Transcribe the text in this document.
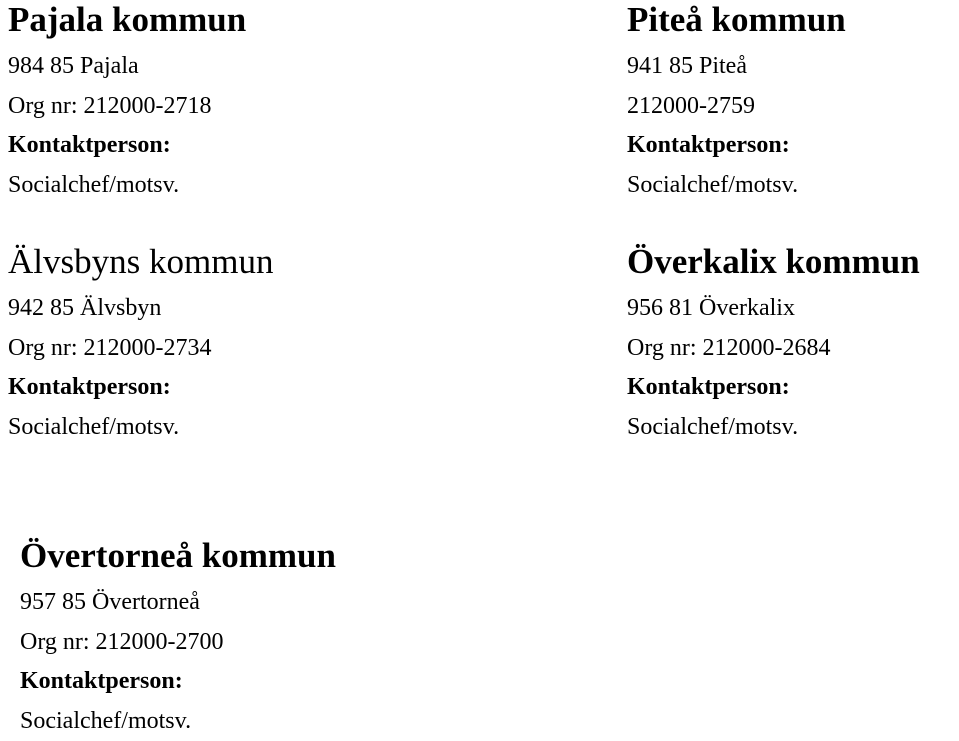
Pajala kommun
984 85 Pajala
Org nr: 212000-2718
Kontaktperson:
Socialchef/motsv.
Piteå kommun
941 85 Piteå
212000-2759
Kontaktperson:
Socialchef/motsv.
Älvsbyns kommun
942 85 Älvsbyn
Org nr: 212000-2734
Kontaktperson:
Socialchef/motsv.
Överkalix kommun
956 81 Överkalix
Org nr: 212000-2684
Kontaktperson:
Socialchef/motsv.
Övertorneå kommun
957 85 Övertorneå
Org nr: 212000-2700
Kontaktperson:
Socialchef/motsv.
